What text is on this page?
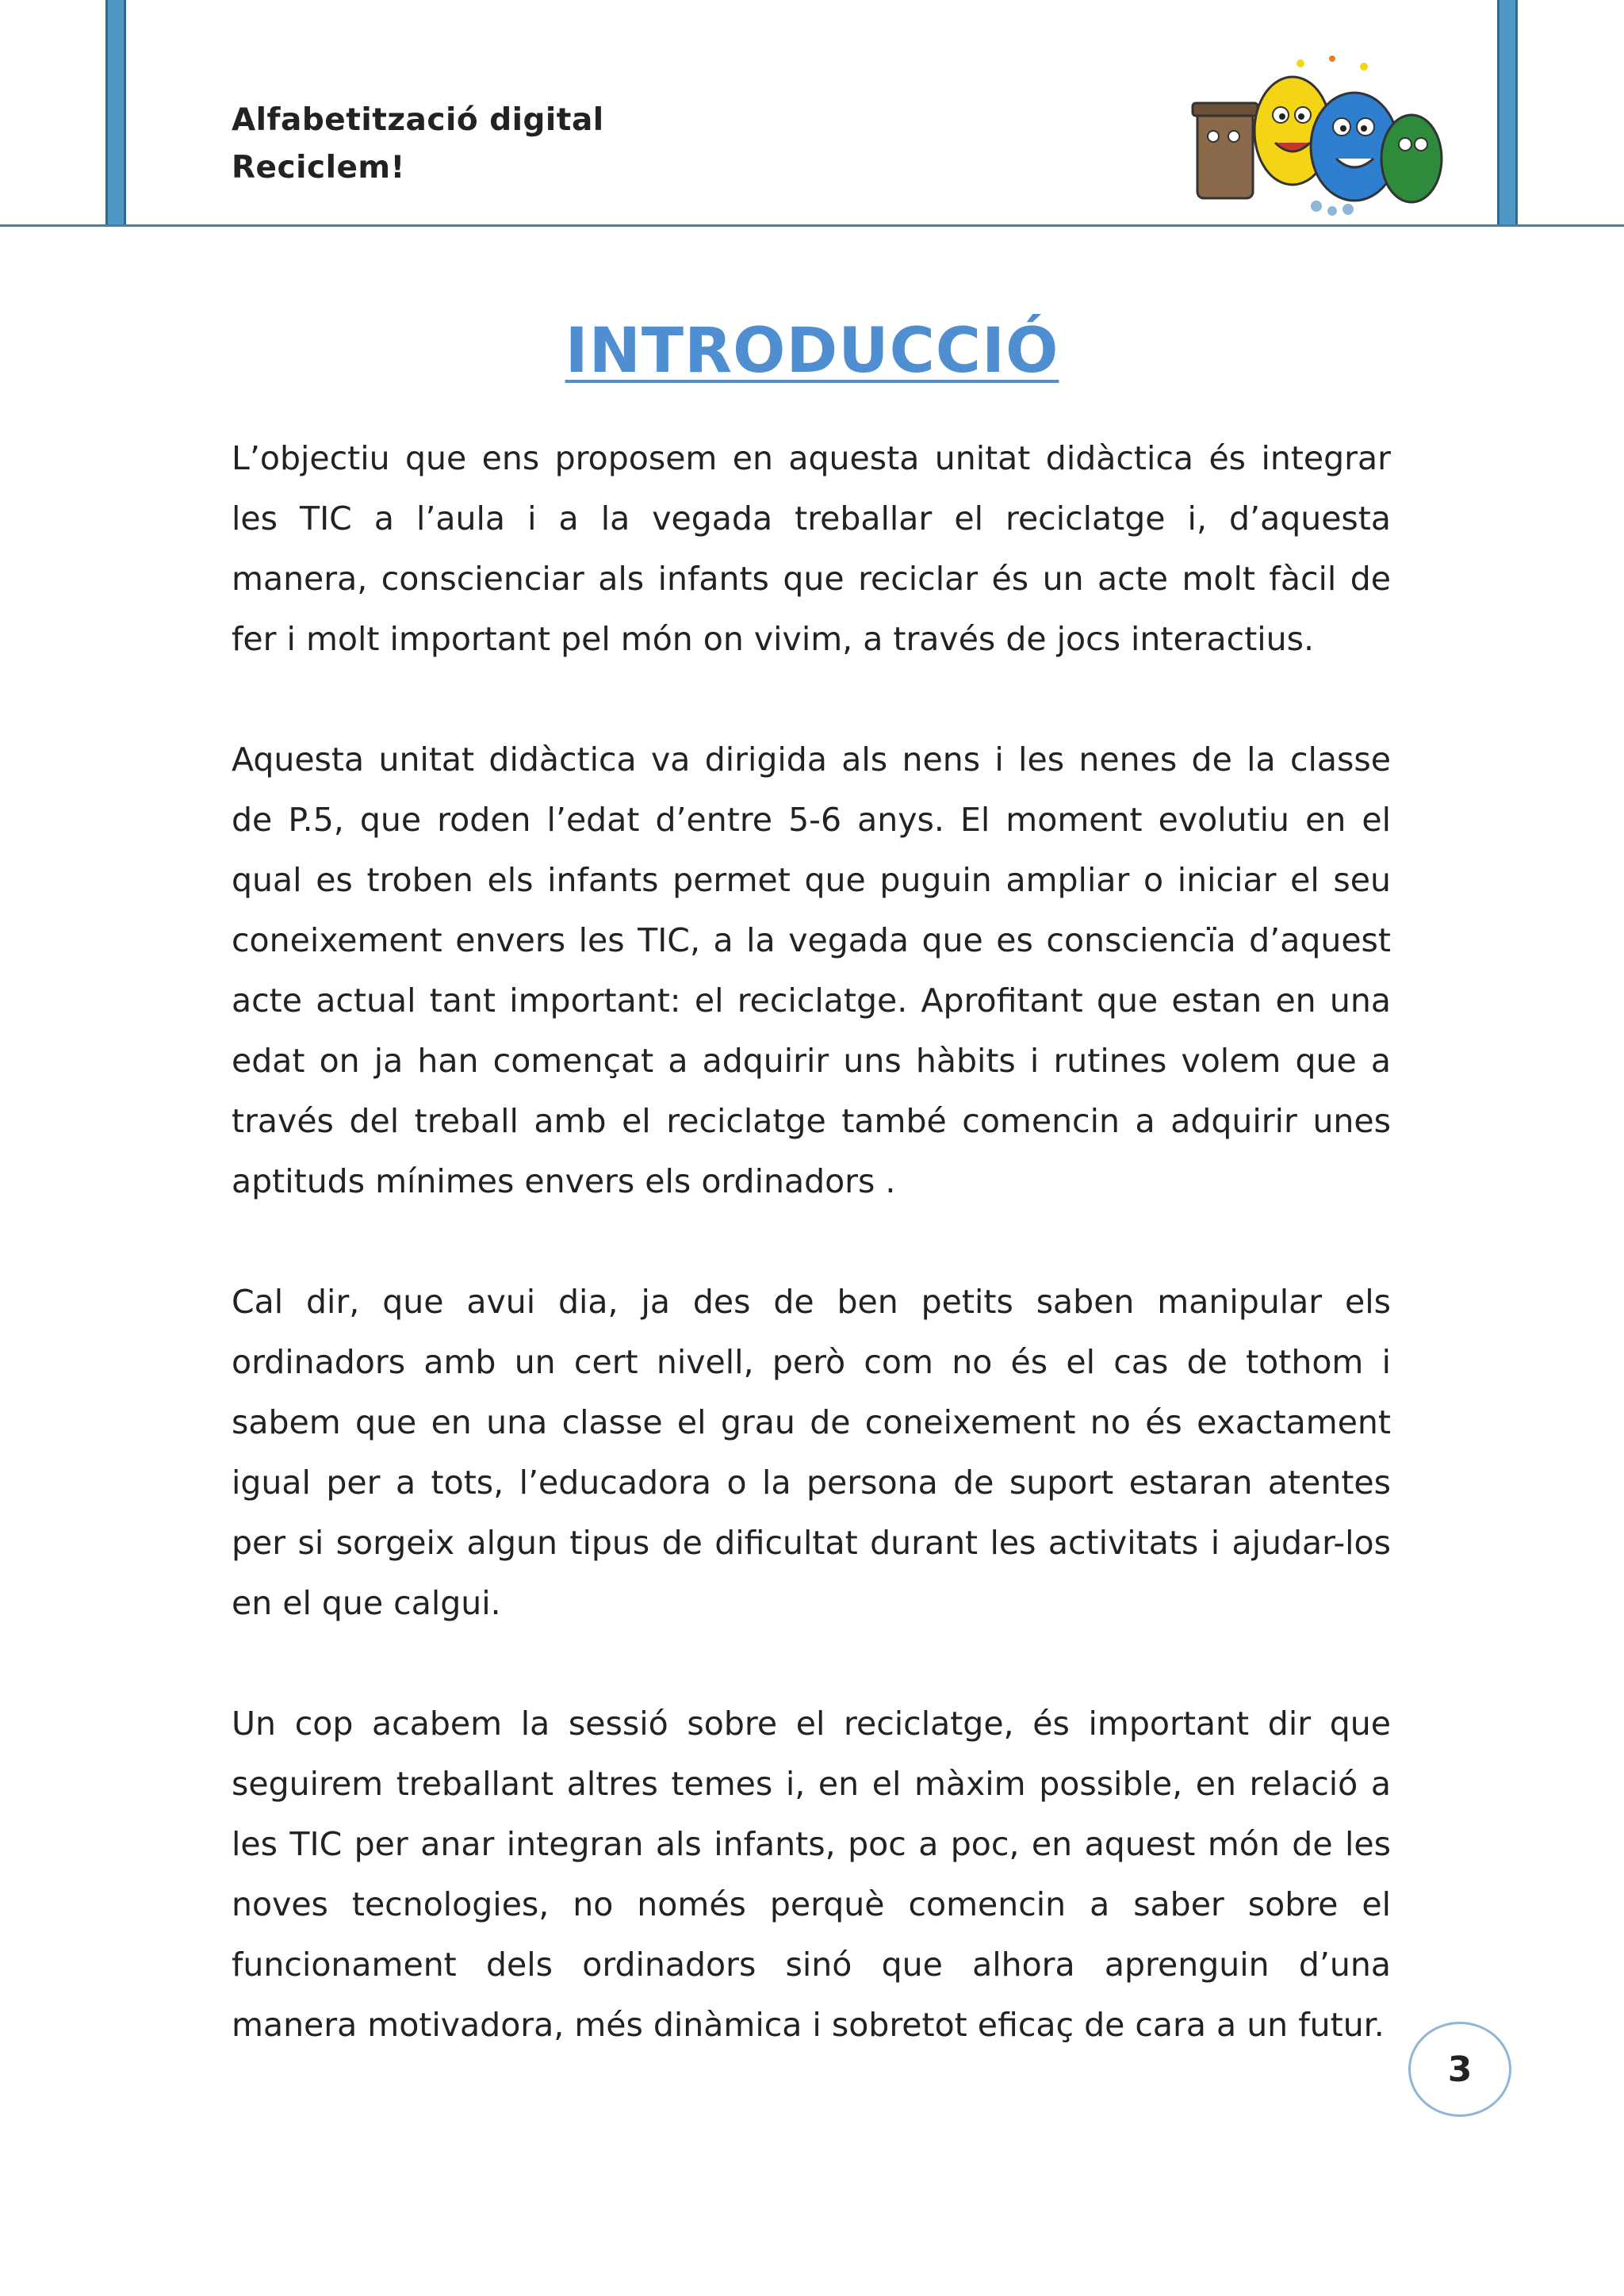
Alfabetització digital
Reciclem!
INTRODUCCIÓ

L’objectiu que ens proposem en aquesta unitat didàctica és integrar les TIC a l’aula i a la vegada treballar el reciclatge i, d’aquesta manera, conscienciar als infants que reciclar és un acte molt fàcil de fer i molt important pel món on vivim, a través de jocs interactius.

Aquesta unitat didàctica va dirigida als nens i les nenes de la classe de P.5, que roden l’edat d’entre 5-6 anys. El moment evolutiu en el qual es troben els infants permet que puguin ampliar o iniciar el seu coneixement envers les TIC, a la vegada que es consciencïa d’aquest acte actual tant important: el reciclatge. Aprofitant que estan en una edat on ja han començat a adquirir uns hàbits i rutines volem que a través del treball amb el reciclatge també comencin a adquirir unes aptituds mínimes envers els ordinadors .

Cal dir, que avui dia, ja des de ben petits saben manipular els ordinadors amb un cert nivell, però com no és el cas de tothom i sabem que en una classe el grau de coneixement no és exactament igual per a tots, l’educadora o la persona de suport estaran atentes per si sorgeix algun tipus de dificultat durant les activitats i ajudar-los en el que calgui.

Un cop acabem la sessió sobre el reciclatge, és important dir que seguirem treballant altres temes i, en el màxim possible, en relació a les TIC per anar integran als infants, poc a poc, en aquest món de les noves tecnologies, no només perquè comencin a saber sobre el funcionament dels ordinadors sinó que alhora aprenguin d’una manera motivadora, més dinàmica i sobretot eficaç de cara a un futur.

3
